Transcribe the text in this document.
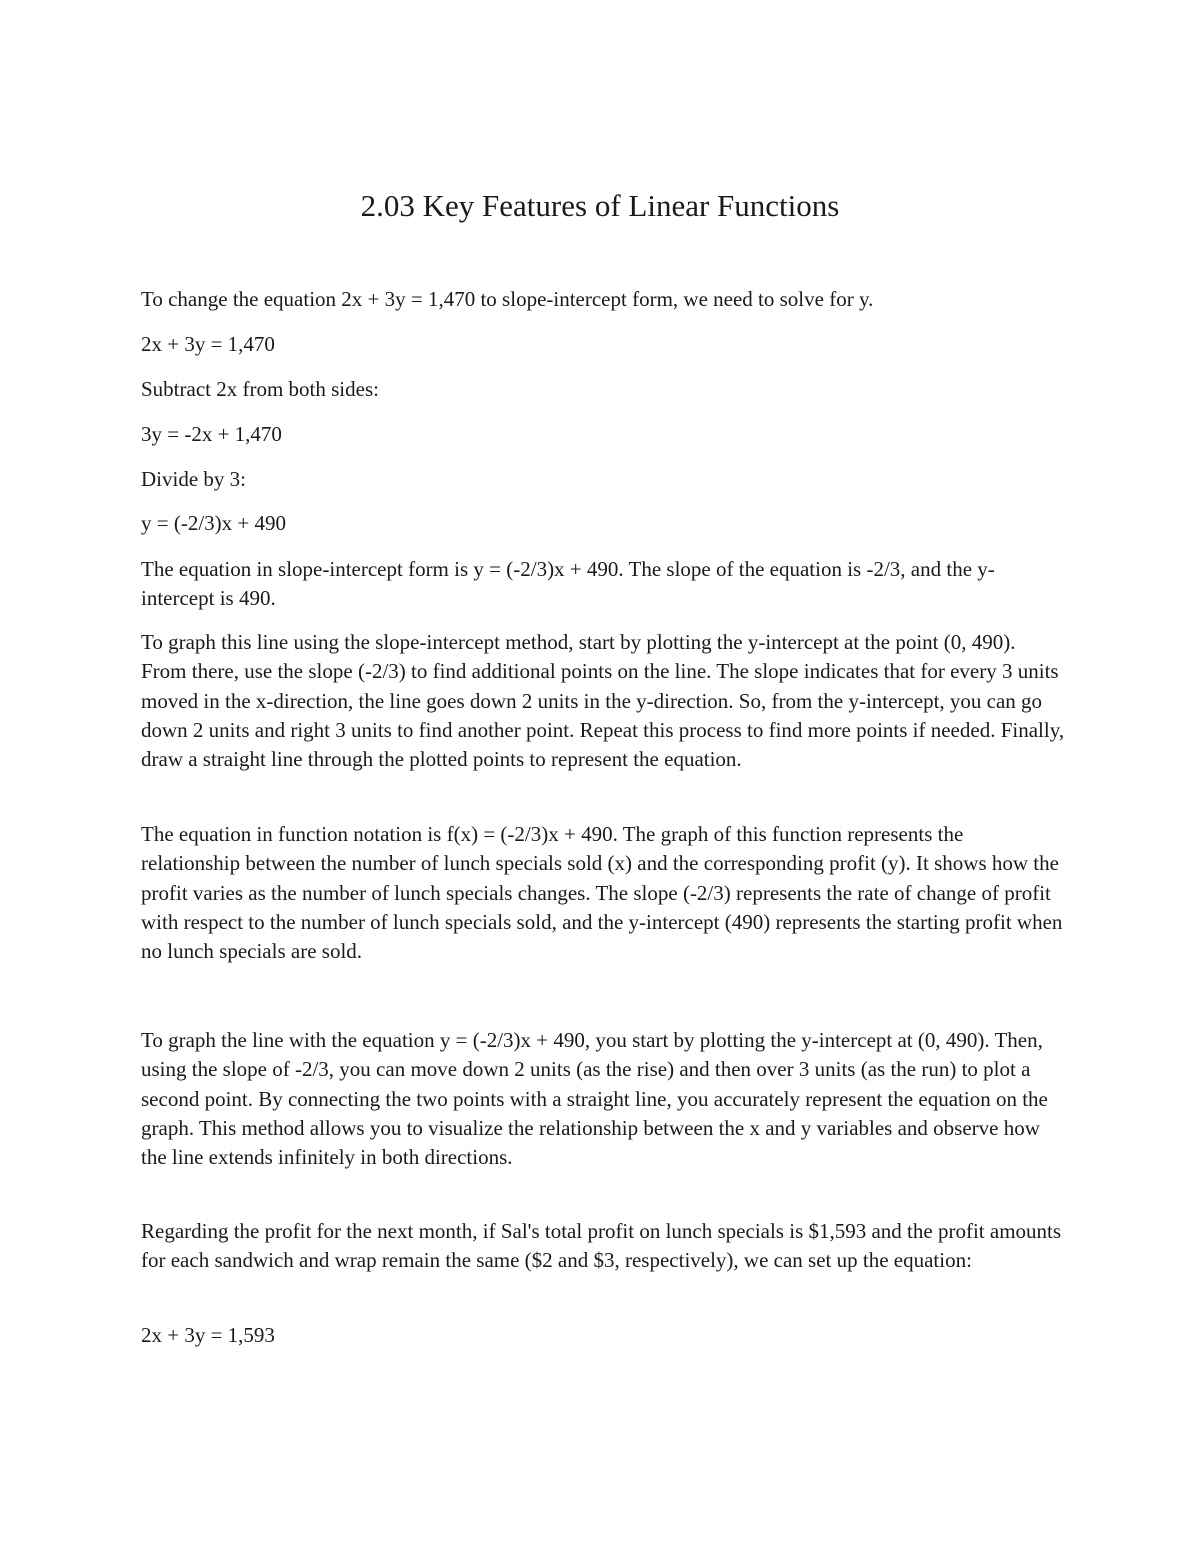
2.03 Key Features of Linear Functions

To change the equation 2x + 3y = 1,470 to slope-intercept form, we need to solve for y.

2x + 3y = 1,470

Subtract 2x from both sides:

3y = -2x + 1,470

Divide by 3:

y = (-2/3)x + 490

The equation in slope-intercept form is y = (-2/3)x + 490. The slope of the equation is -2/3, and the y-intercept is 490.

To graph this line using the slope-intercept method, start by plotting the y-intercept at the point (0, 490). From there, use the slope (-2/3) to find additional points on the line. The slope indicates that for every 3 units moved in the x-direction, the line goes down 2 units in the y-direction. So, from the y-intercept, you can go down 2 units and right 3 units to find another point. Repeat this process to find more points if needed. Finally, draw a straight line through the plotted points to represent the equation.

The equation in function notation is f(x) = (-2/3)x + 490. The graph of this function represents the relationship between the number of lunch specials sold (x) and the corresponding profit (y). It shows how the profit varies as the number of lunch specials changes. The slope (-2/3) represents the rate of change of profit with respect to the number of lunch specials sold, and the y-intercept (490) represents the starting profit when no lunch specials are sold.

To graph the line with the equation y = (-2/3)x + 490, you start by plotting the y-intercept at (0, 490). Then, using the slope of -2/3, you can move down 2 units (as the rise) and then over 3 units (as the run) to plot a second point. By connecting the two points with a straight line, you accurately represent the equation on the graph. This method allows you to visualize the relationship between the x and y variables and observe how the line extends infinitely in both directions.

Regarding the profit for the next month, if Sal's total profit on lunch specials is $1,593 and the profit amounts for each sandwich and wrap remain the same ($2 and $3, respectively), we can set up the equation:

2x + 3y = 1,593
